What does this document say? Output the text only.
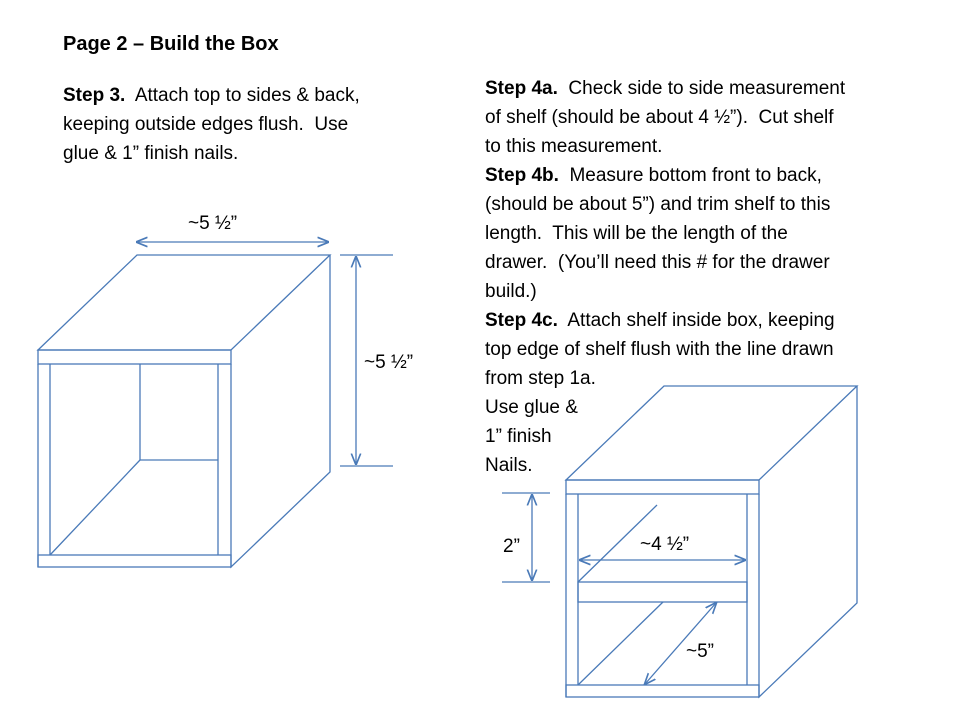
Page 2 – Build the Box
Step 3.  Attach top to sides & back,
keeping outside edges flush.  Use
glue & 1” finish nails.
Step 4a.  Check side to side measurement
of shelf (should be about 4 ½”).  Cut shelf
to this measurement.
Step 4b.  Measure bottom front to back,
(should be about 5”) and trim shelf to this
length.  This will be the length of the
drawer.  (You’ll need this # for the drawer
build.)
Step 4c.  Attach shelf inside box, keeping
top edge of shelf flush with the line drawn
from step 1a.
Use glue &
1” finish
Nails.
~5 ½”
~5 ½”
2”	~4 ½”
~5”
